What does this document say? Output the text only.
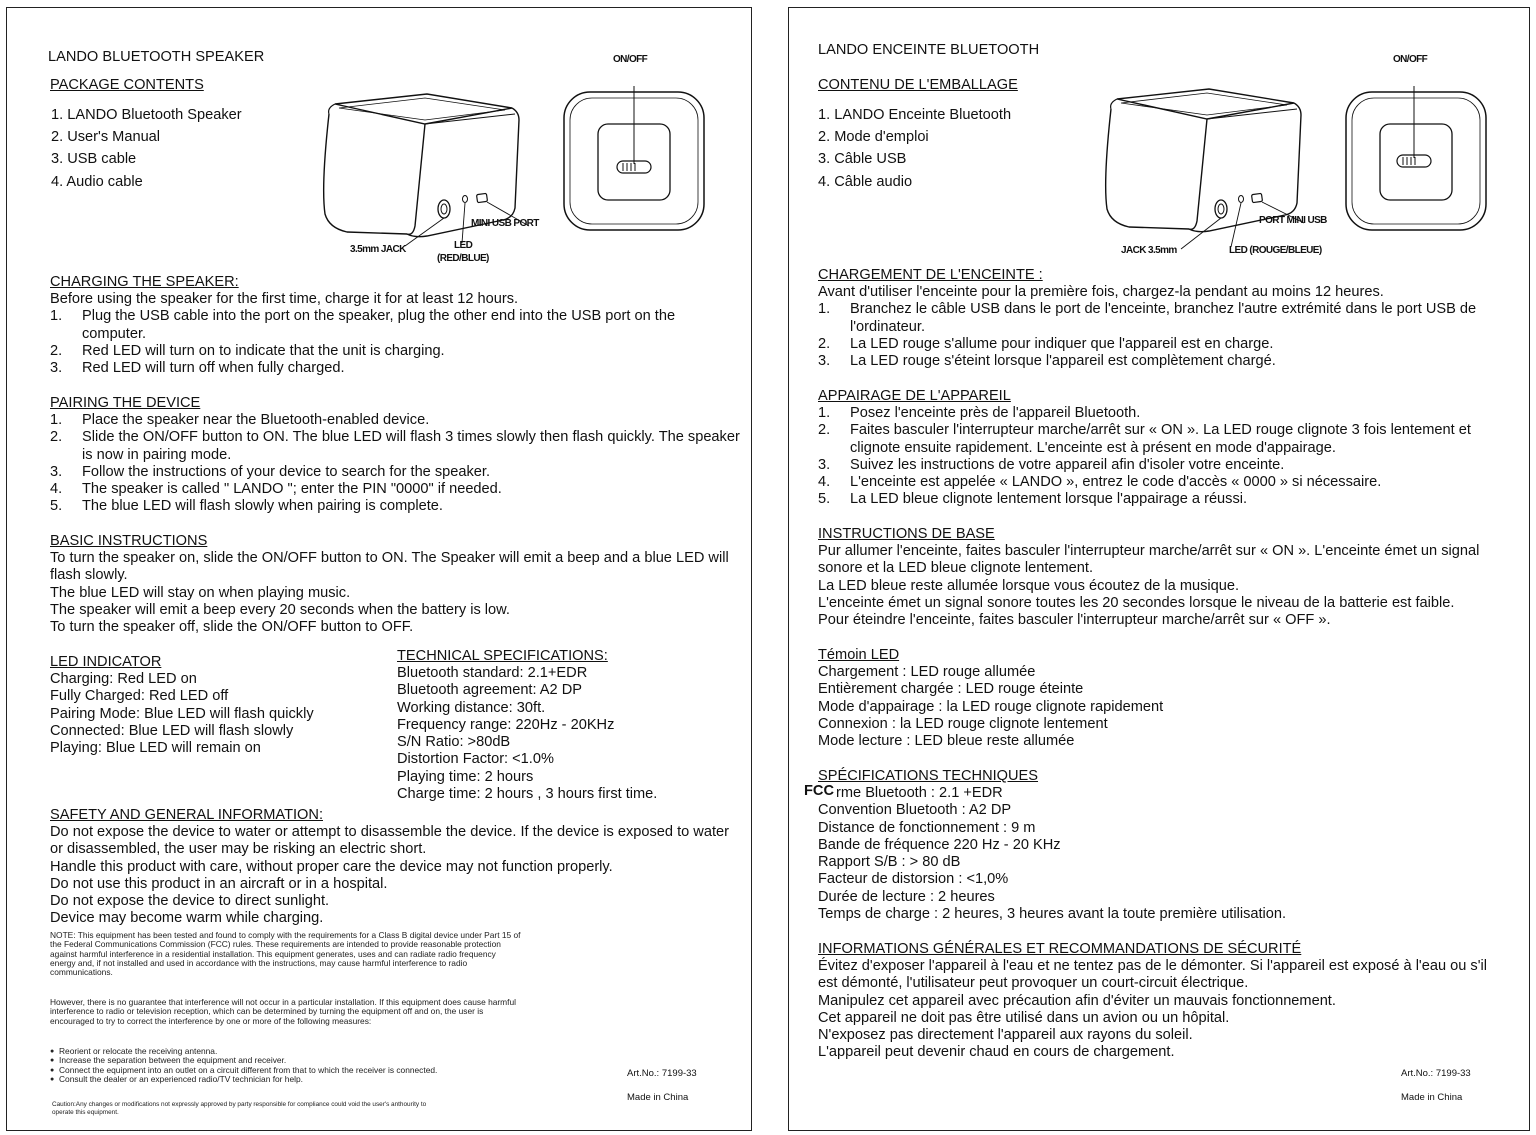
LANDO BLUETOOTH SPEAKER
PACKAGE CONTENTS
1. LANDO Bluetooth Speaker
2. User's Manual
3. USB cable
4. Audio cable
MINI USB PORT
3.5mm JACK	LED
(RED/BLUE)
ON/OFF
CHARGING THE SPEAKER:
Before using the speaker for the first time, charge it for at least 12 hours.
1. Plug the USB cable into the port on the speaker, plug the other end into the USB port on the computer.
2. Red LED will turn on to indicate that the unit is charging.
3. Red LED will turn off when fully charged.
PAIRING THE DEVICE
1. Place the speaker near the Bluetooth-enabled device.
2. Slide the ON/OFF button to ON. The blue LED will flash 3 times slowly then flash quickly. The speaker is now in pairing mode.
3. Follow the instructions of your device to search for the speaker.
4. The speaker is called " LANDO "; enter the PIN "0000" if needed.
5. The blue LED will flash slowly when pairing is complete.
BASIC INSTRUCTIONS
To turn the speaker on, slide the ON/OFF button to ON. The Speaker will emit a beep and a blue LED will flash slowly.
The blue LED will stay on when playing music.
The speaker will emit a beep every 20 seconds when the battery is low.
To turn the speaker off, slide the ON/OFF button to OFF.
LED INDICATOR
Charging: Red LED on
Fully Charged: Red LED off
Pairing Mode: Blue LED will flash quickly
Connected: Blue LED will flash slowly
Playing: Blue LED will remain on
TECHNICAL SPECIFICATIONS:
Bluetooth standard: 2.1+EDR
Bluetooth agreement: A2 DP
Working distance: 30ft.
Frequency range: 220Hz - 20KHz
S/N Ratio: >80dB
Distortion Factor: <1.0%
Playing time: 2 hours
Charge time: 2 hours , 3 hours first time.
SAFETY AND GENERAL INFORMATION:
Do not expose the device to water or attempt to disassemble the device. If the device is exposed to water or disassembled, the user may be risking an electric short.
Handle this product with care, without proper care the device may not function properly.
Do not use this product in an aircraft or in a hospital.
Do not expose the device to direct sunlight.
Device may become warm while charging.
NOTE: This equipment has been tested and found to comply with the requirements for a Class B digital device under Part 15 of the Federal Communications Commission (FCC) rules. These requirements are intended to provide reasonable protection against harmful interference in a residential installation. This equipment generates, uses and can radiate radio frequency energy and, if not installed and used in accordance with the instructions, may cause harmful interference to radio communications.
However, there is no guarantee that interference will not occur in a particular installation. If this equipment does cause harmful interference to radio or television reception, which can be determined by turning the equipment off and on, the user is encouraged to try to correct the interference by one or more of the following measures:
● Reorient or relocate the receiving antenna.
● Increase the separation between the equipment and receiver.
● Connect the equipment into an outlet on a circuit different from that to which the receiver is connected.
● Consult the dealer or an experienced radio/TV technician for help.
Caution:Any changes or modifications not expressly approved by party responsible for compliance could void the user's anthourity to operate this equipment.
Art.No.: 7199-33
Made in China
LANDO ENCEINTE BLUETOOTH
CONTENU DE L'EMBALLAGE
1. LANDO Enceinte Bluetooth
2. Mode d'emploi
3. Câble USB
4. Câble audio
PORT MINI USB
JACK 3.5mm	LED (ROUGE/BLEUE)
ON/OFF
CHARGEMENT DE L'ENCEINTE :
Avant d'utiliser l'enceinte pour la première fois, chargez-la pendant au moins 12 heures.
1. Branchez le câble USB dans le port de l'enceinte, branchez l'autre extrémité dans le port USB de l'ordinateur.
2. La LED rouge s'allume pour indiquer que l'appareil est en charge.
3. La LED rouge s'éteint lorsque l'appareil est complètement chargé.
APPAIRAGE DE L'APPAREIL
1. Posez l'enceinte près de l'appareil Bluetooth.
2. Faites basculer l'interrupteur marche/arrêt sur « ON ». La LED rouge clignote 3 fois lentement et clignote ensuite rapidement. L'enceinte est à présent en mode d'appairage.
3. Suivez les instructions de votre appareil afin d'isoler votre enceinte.
4. L'enceinte est appelée « LANDO », entrez le code d'accès « 0000 » si nécessaire.
5. La LED bleue clignote lentement lorsque l'appairage a réussi.
INSTRUCTIONS DE BASE
Pur allumer l'enceinte, faites basculer l'interrupteur marche/arrêt sur « ON ». L'enceinte émet un signal sonore et la LED bleue clignote lentement.
La LED bleue reste allumée lorsque vous écoutez de la musique.
L'enceinte émet un signal sonore toutes les 20 secondes lorsque le niveau de la batterie est faible.
Pour éteindre l'enceinte, faites basculer l'interrupteur marche/arrêt sur « OFF ».
Témoin LED
Chargement : LED rouge allumée
Entièrement chargée : LED rouge éteinte
Mode d'appairage : la LED rouge clignote rapidement
Connexion : la LED rouge clignote lentement
Mode lecture : LED bleue reste allumée
SPÉCIFICATIONS TECHNIQUES
FCC rme Bluetooth : 2.1 +EDR
Convention Bluetooth : A2 DP
Distance de fonctionnement : 9 m
Bande de fréquence 220 Hz - 20 KHz
Rapport S/B : > 80 dB
Facteur de distorsion : <1,0%
Durée de lecture : 2 heures
Temps de charge : 2 heures, 3 heures avant la toute première utilisation.
INFORMATIONS GÉNÉRALES ET RECOMMANDATIONS DE SÉCURITÉ
Évitez d'exposer l'appareil à l'eau et ne tentez pas de le démonter. Si l'appareil est exposé à l'eau ou s'il est démonté, l'utilisateur peut provoquer un court-circuit électrique.
Manipulez cet appareil avec précaution afin d'éviter un mauvais fonctionnement.
Cet appareil ne doit pas être utilisé dans un avion ou un hôpital.
N'exposez pas directement l'appareil aux rayons du soleil.
L'appareil peut devenir chaud en cours de chargement.
Art.No.: 7199-33
Made in China
